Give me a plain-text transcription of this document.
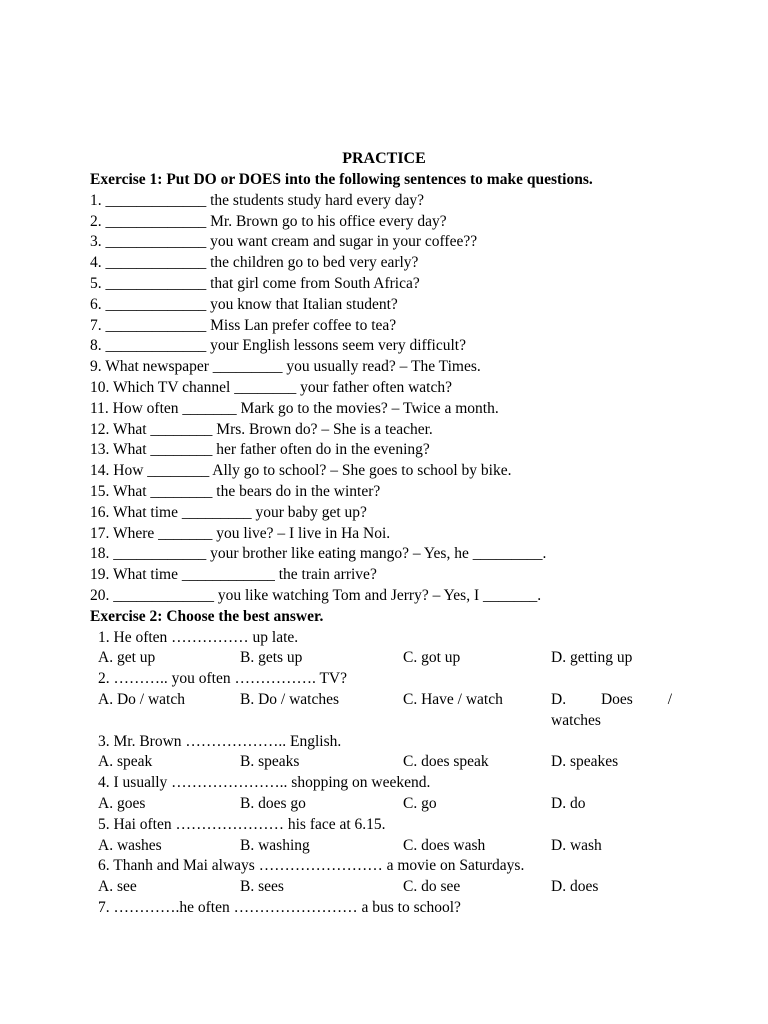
PRACTICE
Exercise 1: Put DO or DOES into the following sentences to make questions.
1. _____________ the students study hard every day?
2. _____________ Mr. Brown go to his office every day?
3. _____________ you want cream and sugar in your coffee??
4. _____________ the children go to bed very early?
5. _____________ that girl come from South Africa?
6. _____________ you know that Italian student?
7. _____________ Miss Lan prefer coffee to tea?
8. _____________ your English lessons seem very difficult?
9. What newspaper _________ you usually read? – The Times.
10. Which TV channel ________ your father often watch?
11. How often _______ Mark go to the movies? – Twice a month.
12. What ________ Mrs. Brown do? – She is a teacher.
13. What ________ her father often do in the evening?
14. How ________ Ally go to school? – She goes to school by bike.
15. What ________ the bears do in the winter?
16. What time _________ your baby get up?
17. Where _______ you live? – I live in Ha Noi.
18. ____________ your brother like eating mango? – Yes, he _________.
19. What time ____________ the train arrive?
20. _____________ you like watching Tom and Jerry? – Yes, I _______.
Exercise 2: Choose the best answer.
1. He often …………… up late.
A. get up	B. gets up	C. got up	D. getting up
2. ……….. you often ……………. TV?
A. Do / watch	B. Do / watches	C. Have / watch	D. Does /
watches
3. Mr. Brown ……………….. English.
A. speak	B. speaks	C. does speak	D. speakes
4. I usually ………………….. shopping on weekend.
A. goes	B. does go	C. go	D. do
5. Hai often ………………… his face at 6.15.
A. washes	B. washing	C. does wash	D. wash
6. Thanh and Mai always …………………… a movie on Saturdays.
A. see	B. sees	C. do see	D. does
7. ………….he often …………………… a bus to school?
